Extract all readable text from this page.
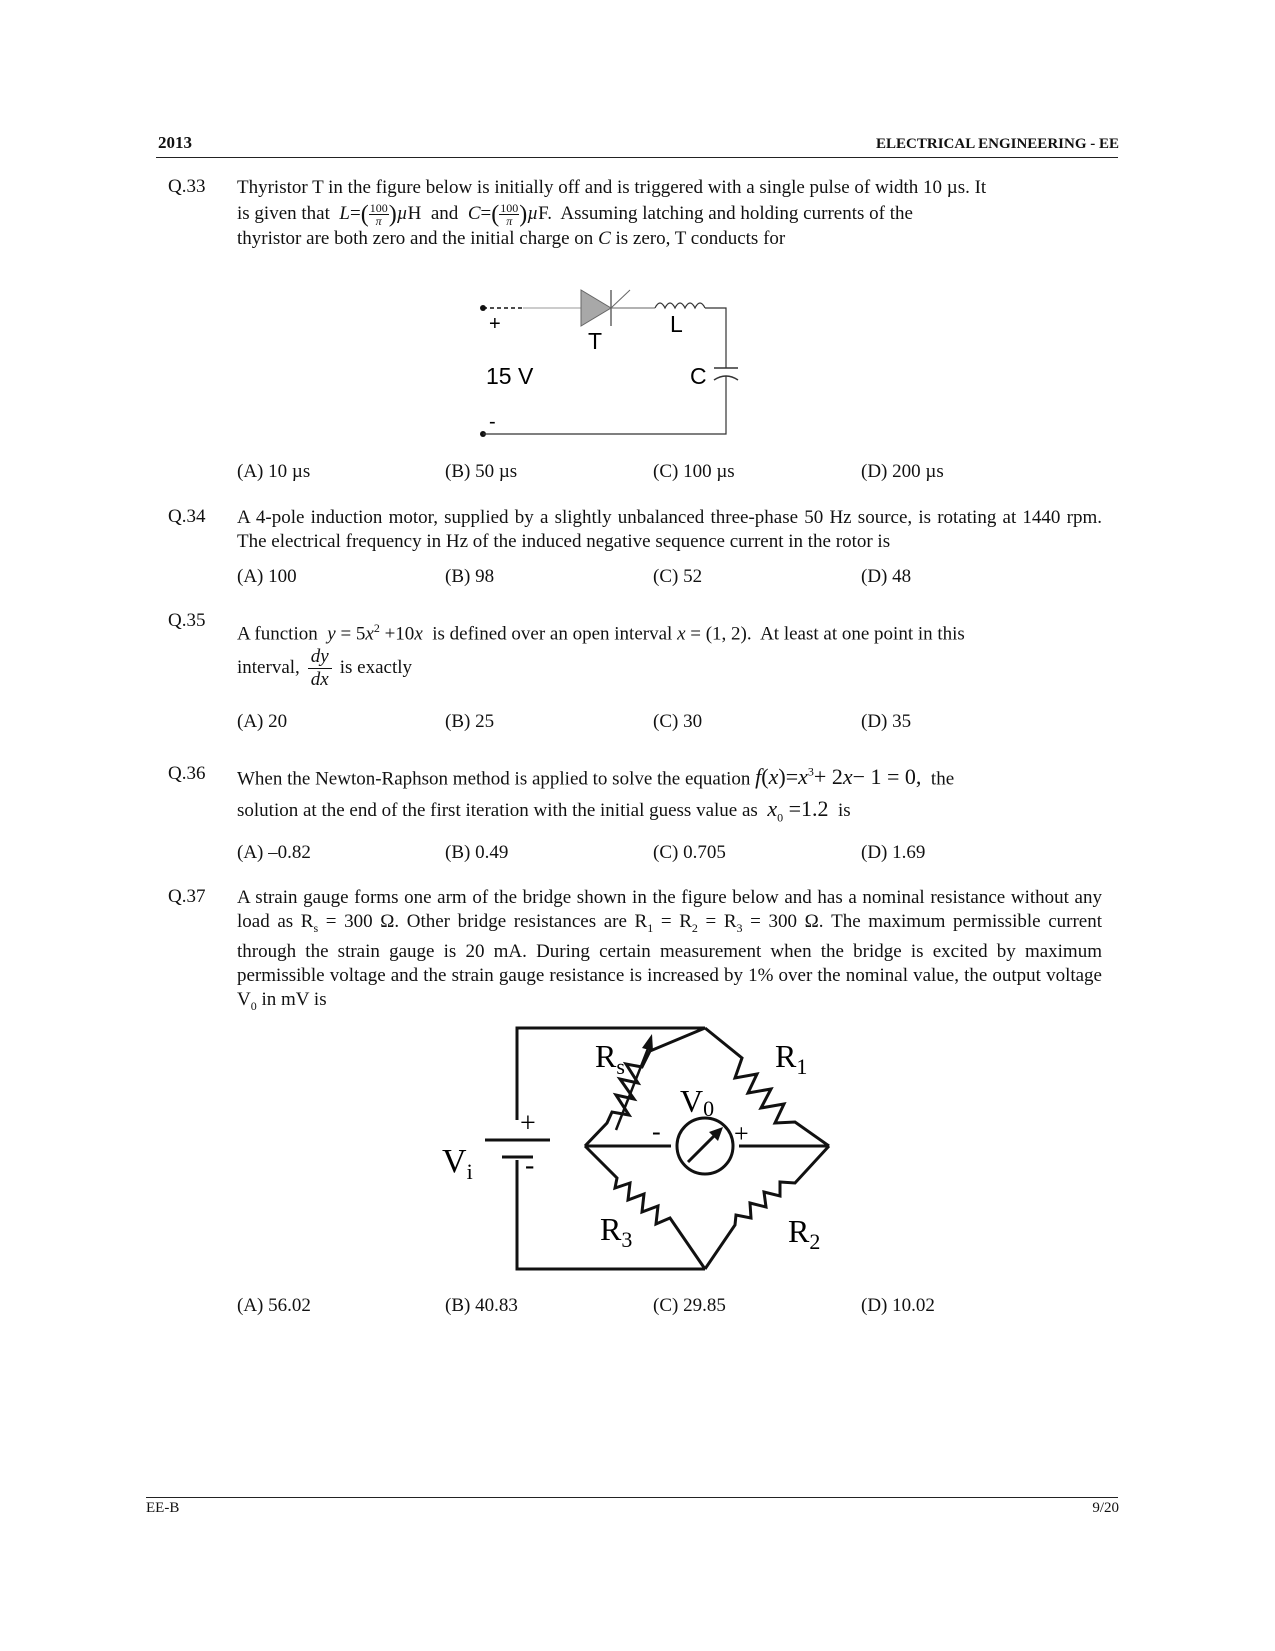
2013	ELECTRICAL ENGINEERING - EE
Q.33 Thyristor T in the figure below is initially off and is triggered with a single pulse of width 10 µs. It

is given that $L=( \frac{100}{\pi} )\mu H$ and $C=( \frac{100}{\pi} )\mu F$. Assuming latching and holding currents of the

thyristor are both zero and the initial charge on C is zero, T conducts for

+
-
15 V
T
L
C
(A) 10 µs	(B) 50 µs	(C) 100 µs	(D) 200 µs
Q.34 A 4-pole induction motor, supplied by a slightly unbalanced three-phase 50 Hz source, is rotating at 1440 rpm. The electrical frequency in Hz of the induced negative sequence current in the rotor is
(A) 100	(B) 98	(C) 52	(D) 48
Q.35
A function $y = 5x^2 +10x$ is defined over an open interval x = (1, 2). At least at one point in this
interval, $\frac{dy}{dx}$ is exactly
(A) 20	(B) 25	(C) 30	(D) 35
Q.36 When the Newton-Raphson method is applied to solve the equation $f(x)=x^3+ 2x- 1 = 0$, the
solution at the end of the first iteration with the initial guess value as $x_0 =1.2$ is
(A) –0.82	(B) 0.49	(C) 0.705	(D) 1.69
Q.37 A strain gauge forms one arm of the bridge shown in the figure below and has a nominal resistance without any load as $R_s = 300$ Ω. Other bridge resistances are $R_1 = R_2 = R_3 = 300$ Ω. The maximum permissible current through the strain gauge is 20 mA. During certain measurement when the bridge is excited by maximum permissible voltage and the strain gauge resistance is increased by 1% over the nominal value, the output voltage $V_0$ in mV is
$R_s$	$R_1$
$R_2$
$R_3$
V0
$V_i$
+
-
-	+
(A) 56.02	(B) 40.83	(C) 29.85	(D) 10.02
EE-B	9/20
